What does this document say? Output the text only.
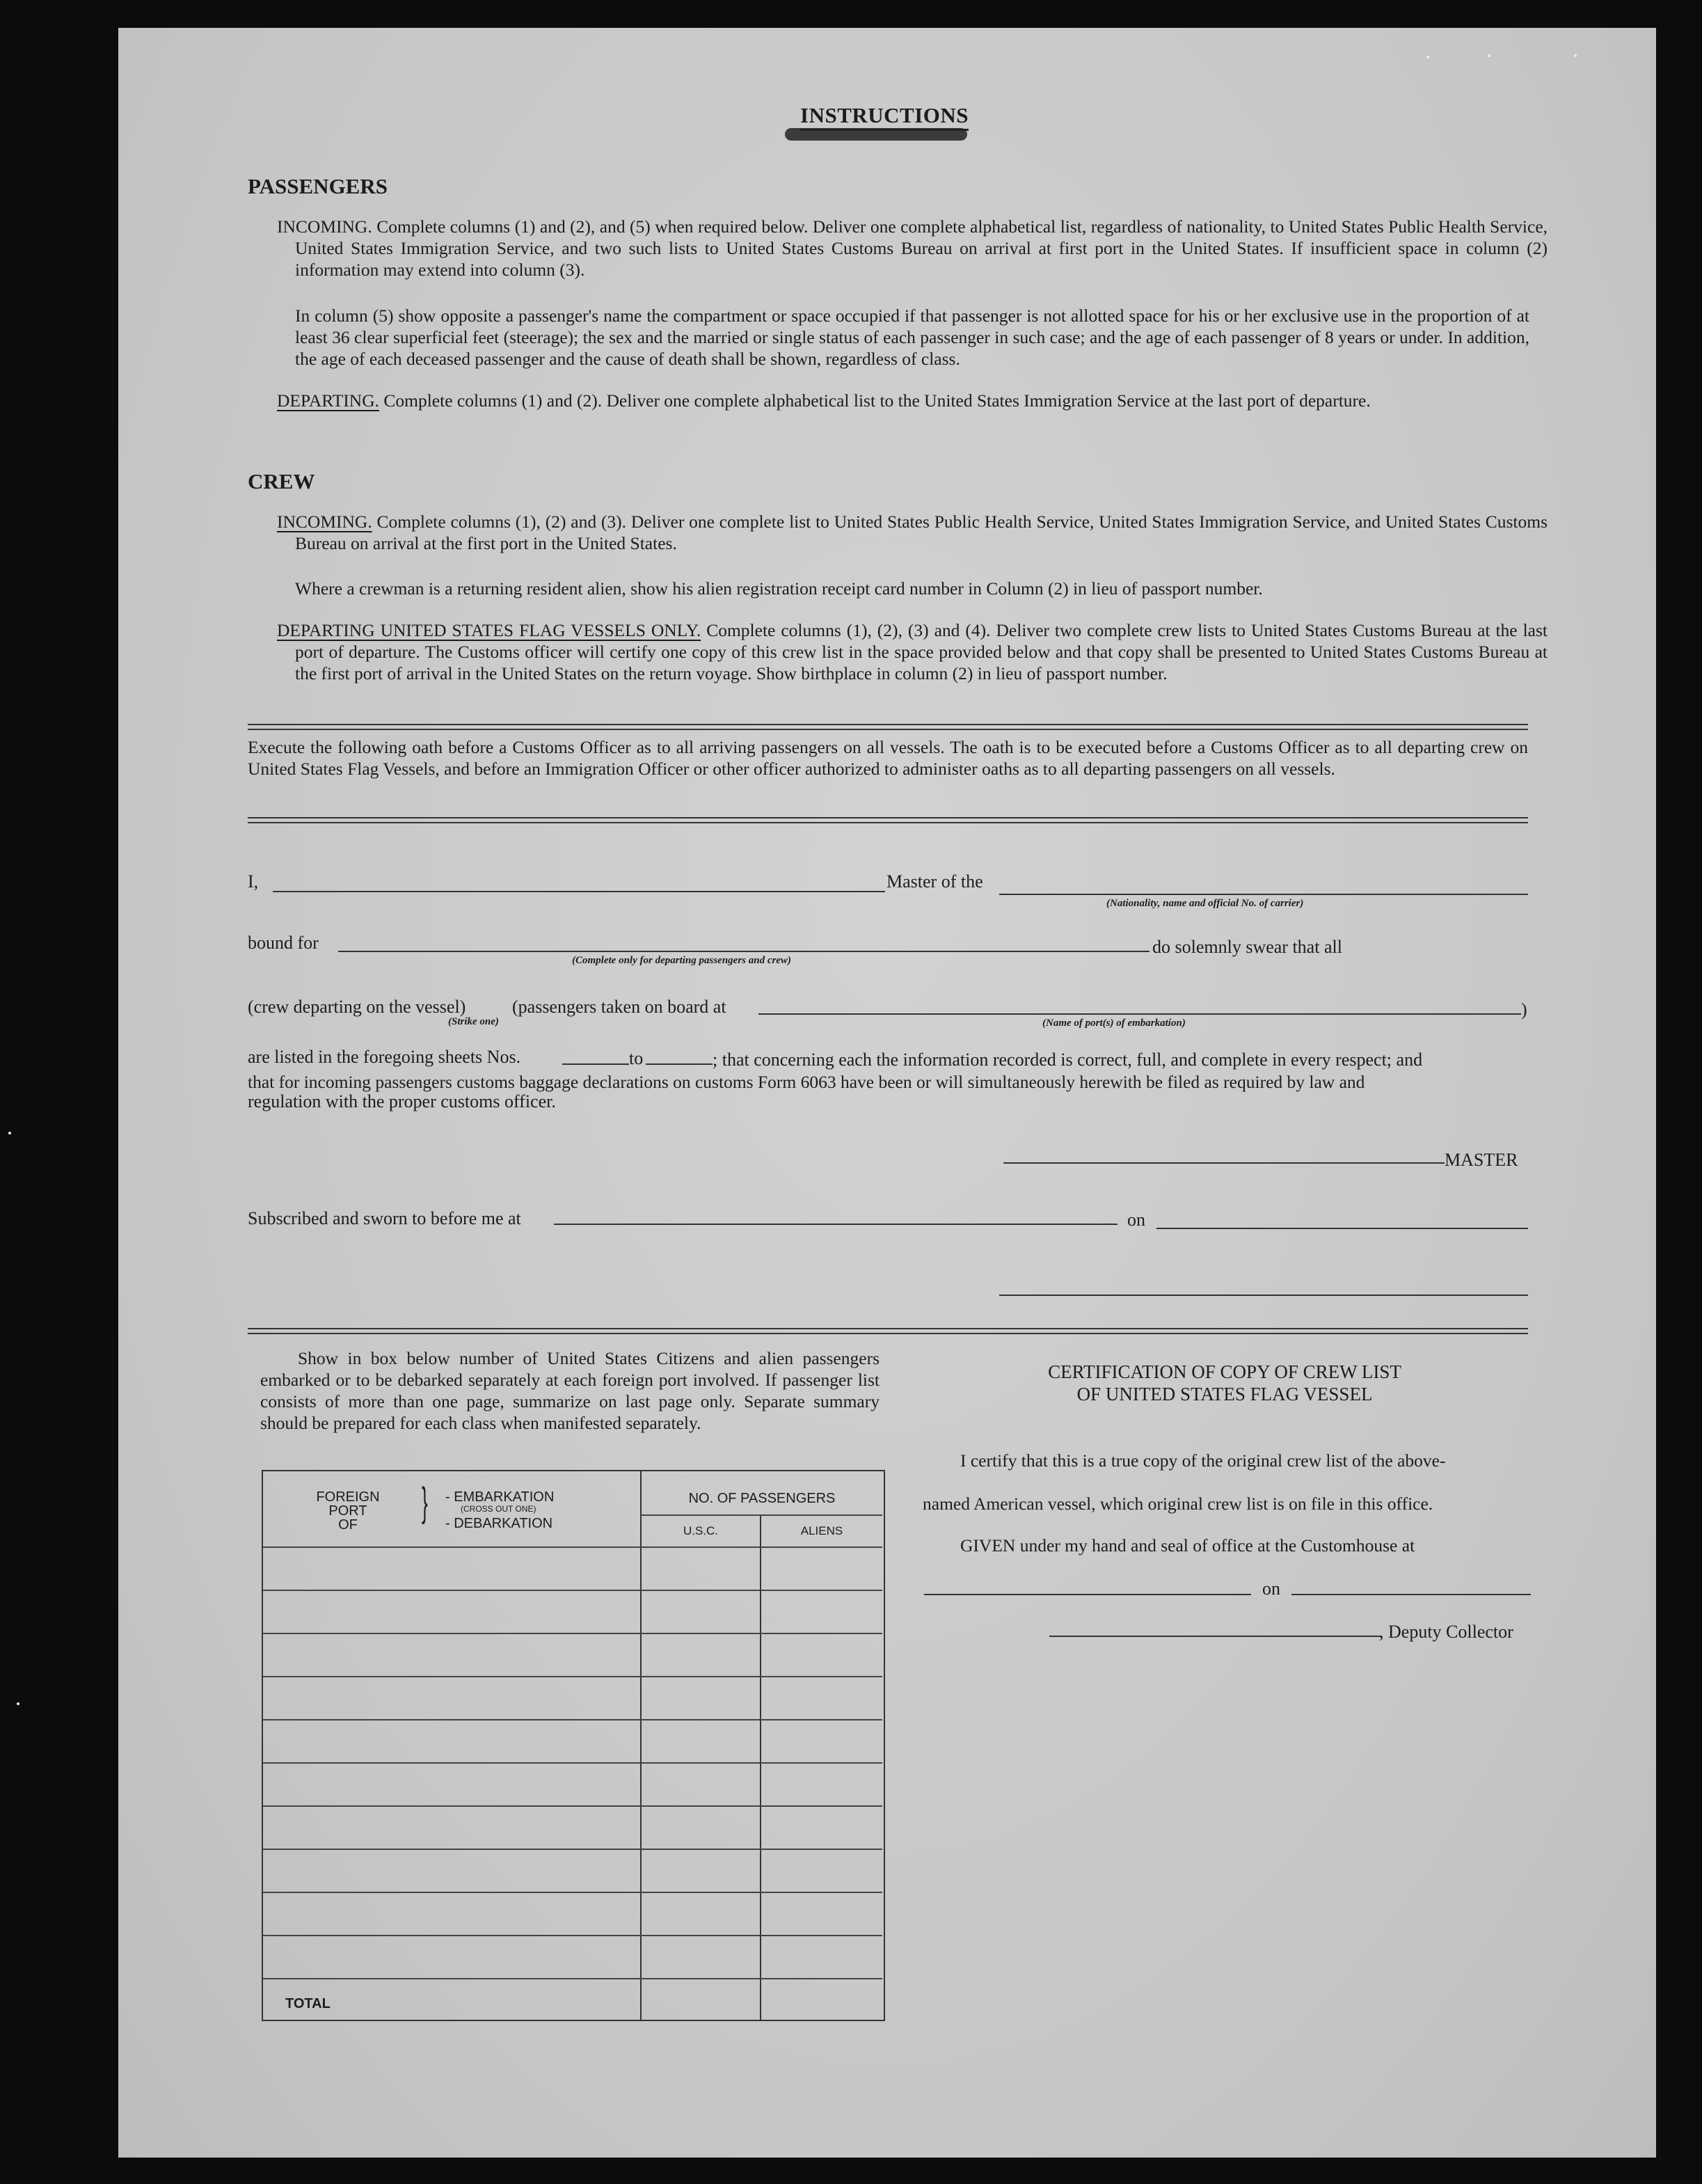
INSTRUCTIONS
PASSENGERS
INCOMING. Complete columns (1) and (2), and (5) when required below. Deliver one complete alphabetical list, regardless of nationality, to United States Public Health Service, United States Immigration Service, and two such lists to United States Customs Bureau on arrival at first port in the United States. If insufficient space in column (2) information may extend into column (3).
In column (5) show opposite a passenger's name the compartment or space occupied if that passenger is not allotted space for his or her exclusive use in the proportion of at least 36 clear superficial feet (steerage); the sex and the married or single status of each passenger in such case; and the age of each passenger of 8 years or under. In addition, the age of each deceased passenger and the cause of death shall be shown, regardless of class.
DEPARTING. Complete columns (1) and (2). Deliver one complete alphabetical list to the United States Immigration Service at the last port of departure.
CREW
INCOMING. Complete columns (1), (2) and (3). Deliver one complete list to United States Public Health Service, United States Immigration Service, and United States Customs Bureau on arrival at the first port in the United States.
Where a crewman is a returning resident alien, show his alien registration receipt card number in Column (2) in lieu of passport number.
DEPARTING UNITED STATES FLAG VESSELS ONLY. Complete columns (1), (2), (3) and (4). Deliver two complete crew lists to United States Customs Bureau at the last port of departure. The Customs officer will certify one copy of this crew list in the space provided below and that copy shall be presented to United States Customs Bureau at the first port of arrival in the United States on the return voyage. Show birthplace in column (2) in lieu of passport number.
Execute the following oath before a Customs Officer as to all arriving passengers on all vessels. The oath is to be executed before a Customs Officer as to all departing crew on United States Flag Vessels, and before an Immigration Officer or other officer authorized to administer oaths as to all departing passengers on all vessels.
I,	Master of the
(Nationality, name and official No. of carrier)
bound for
(Complete only for departing passengers and crew)
do solemnly swear that all
(crew departing on the vessel)	(passengers taken on board at	)
(Strike one)	(Name of port(s) of embarkation)
are listed in the foregoing sheets Nos.	to	; that concerning each the information recorded is correct, full, and complete in every respect; and
that for incoming passengers customs baggage declarations on customs Form 6063 have been or will simultaneously herewith be filed as required by law and
regulation with the proper customs officer.
MASTER
Subscribed and sworn to before me at	on
Show in box below number of United States Citizens and alien passengers embarked or to be debarked separately at each foreign port involved. If passenger list consists of more than one page, summarize on last page only. Separate summary should be prepared for each class when manifested separately.
FOREIGN
PORT
OF	} - EMBARKATION
(CROSS OUT ONE)
- DEBARKATION
NO. OF PASSENGERS
U.S.C.	ALIENS
TOTAL
CERTIFICATION OF COPY OF CREW LIST
OF UNITED STATES FLAG VESSEL
I certify that this is a true copy of the original crew list of the above-
named American vessel, which original crew list is on file in this office.
GIVEN under my hand and seal of office at the Customhouse at
on
, Deputy Collector
